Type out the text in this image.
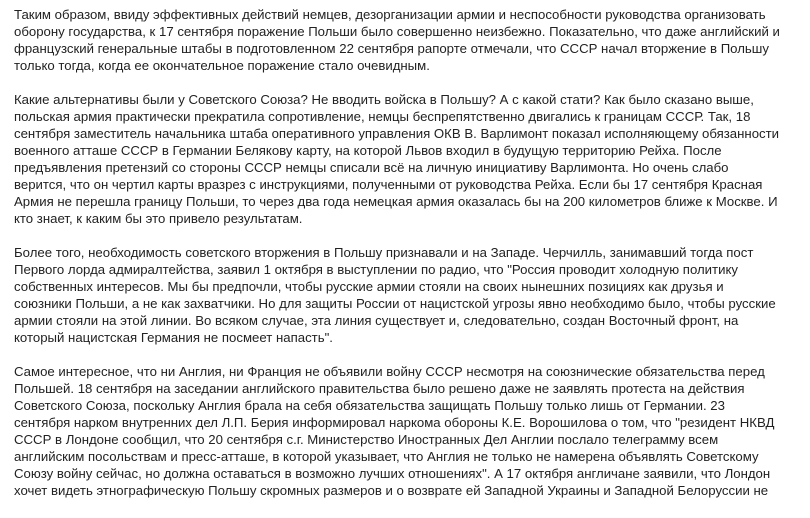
Таким образом, ввиду эффективных действий немцев, дезорганизации армии и неспособности руководства организовать
оборону государства, к 17 сентября поражение Польши было совершенно неизбежно. Показательно, что даже английский и
французский генеральные штабы в подготовленном 22 сентября рапорте отмечали, что СССР начал вторжение в Польшу
только тогда, когда ее окончательное поражение стало очевидным.

Какие альтернативы были у Советского Союза? Не вводить войска в Польшу? А с какой стати? Как было сказано выше,
польская армия практически прекратила сопротивление, немцы беспрепятственно двигались к границам СССР. Так, 18
сентября заместитель начальника штаба оперативного управления ОКВ В. Варлимонт показал исполняющему обязанности
военного атташе СССР в Германии Белякову карту, на которой Львов входил в будущую территорию Рейха. После
предъявления претензий со стороны СССР немцы списали всё на личную инициативу Варлимонта. Но очень слабо
верится, что он чертил карты вразрез с инструкциями, полученными от руководства Рейха. Если бы 17 сентября Красная
Армия не перешла границу Польши, то через два года немецкая армия оказалась бы на 200 километров ближе к Москве. И
кто знает, к каким бы это привело результатам.

Более того, необходимость советского вторжения в Польшу признавали и на Западе. Черчилль, занимавший тогда пост
Первого лорда адмиралтейства, заявил 1 октября в выступлении по радио, что "Россия проводит холодную политику
собственных интересов. Мы бы предпочли, чтобы русские армии стояли на своих нынешних позициях как друзья и
союзники Польши, а не как захватчики. Но для защиты России от нацистской угрозы явно необходимо было, чтобы русские
армии стояли на этой линии. Во всяком случае, эта линия существует и, следовательно, создан Восточный фронт, на
который нацистская Германия не посмеет напасть".

Самое интересное, что ни Англия, ни Франция не объявили войну СССР несмотря на союзнические обязательства перед
Польшей. 18 сентября на заседании английского правительства было решено даже не заявлять протеста на действия
Советского Союза, поскольку Англия брала на себя обязательства защищать Польшу только лишь от Германии. 23
сентября нарком внутренних дел Л.П. Берия информировал наркома обороны К.Е. Ворошилова о том, что "резидент НКВД
СССР в Лондоне сообщил, что 20 сентября с.г. Министерство Иностранных Дел Англии послало телеграмму всем
английским посольствам и пресс-атташе, в которой указывает, что Англия не только не намерена объявлять Советскому
Союзу войну сейчас, но должна оставаться в возможно лучших отношениях". А 17 октября англичане заявили, что Лондон
хочет видеть этнографическую Польшу скромных размеров и о возврате ей Западной Украины и Западной Белоруссии не
